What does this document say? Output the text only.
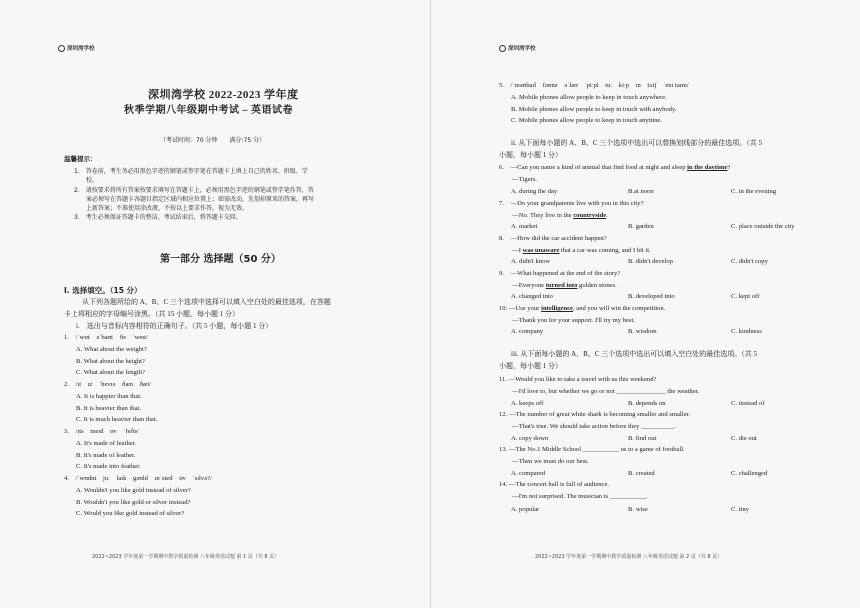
深圳湾学校
深圳湾学校 2022-2023 学年度
秋季学期八年级期中考试 – 英语试卷
（考试时间：70 分钟　　满分:75 分）
温馨提示：
1.　答卷前，考生务必用黑色字迹的钢笔或签字笔在答题卡上填上自己的姓名、班级、学
　　校。
2.　请按要求将所有答案按要求填写在答题卡上，必须用黑色字迹的钢笔或签字笔作答，答
　　案必须写在答题卡各题目指定区域内相应位置上；如需改动，先划掉原来的答案，再写
　　上新答案；不准使用涂改液，不按以上要求作答，视为无效。
3.　考生必须保证答题卡的整洁，考试结束后，将答题卡交回。
第一部分 选择题（50 分）
I. 选择填空。（15 分）
从下列各题所给的 A、B、C 三个选项中选择可以填入空白处的最佳选项，在答题
卡上将相应的字母编号涂黑。（共 15 小题，每小题 1 分）
i.　选出与音标内容相符的正确句子。（共 5 小题，每小题 1 分）
1.　/ˈwɒt　əˈbaʊt　ðə　ˈweɪt/
A. What about the weight?
B. What about the height?
C. What about the length?
2.　/ɪt　ɪz　ˈhevɪə　ðæn　ðæt/
A. It is happier than that.
B. It is heavier than that.
C. It is much heavier than that.
3.　/ɪts　meɪd　ɒv　ˈfeðə/
A. It's made of feather.
B. It's made of leather.
C. It's made into feather.
4.　/ˈwʊdnt　juː　laɪk　gəʊld　ɪnˈsted　ɒv　ˈsɪlvə?/
A. Wouldn't you like gold instead of silver?
B. Wouldn't you like gold or silver instead?
C. Would you like gold instead of silver?
2022~2023 学年度第一学期期中教学质量检测 八年级英语试题 第 1 页（共 8 页）
深圳湾学校
5.　/ˈməʊbaɪl　fəʊnz　əˈlaʊ　ˈpiːpl　tuː　kiːp　ɪn　tʌtʃ　ˈenɪ taɪm/
A. Mobile phones allow people to keep in touch anywhere.
B. Mobile phones allow people to keep in touch with anybody.
C. Mobile phones allow people to keep in touch anytime.
ii. 从下面每小题的 A、B、C 三个选项中选出可以替换划线部分的最佳选项。（共 5
小题，每小题 1 分）
6.　—Can you name a kind of animal that find food at night and sleep in the daytime?
　　—Tigers.
A. during the day	B.at noon	C. in the evening
7.　—Do your grandparents live with you in this city?
　　—No. They live in the countryside.
A. market	B. garden	C. place outside the city
8.　—How did the car accident happen?
　　—I was unaware that a car was coming, and I hit it.
A. didn't know	B. didn't develop	C. didn't copy
9.　—What happened at the end of the story?
　　—Everyone turned into golden stones.
A. changed into	B. developed into	C. kept off
10. —Use your intelligence, and you will win the competition.
　　—Thank you for your support. I'll try my best.
A. company	B. wisdom	C. kindness
iii. 从下面每小题的 A、B、C 三个选项中选出可以填入空白处的最佳选项。（共 5
小题，每小题 1 分）
11. —Would you like to take a travel with us this weekend?
　　—I'd love to, but whether we go or not _______________ the weather.
A. keeps off	B. depends on	C. instead of
12. —The number of great white shark is becoming smaller and smaller.
　　—That's true. We should take action before they __________.
A. copy down	B. find out	C. die out
13. —The No.1 Middle School ___________ us to a game of football.
　　—Then we must do our best.
A. compared	B. created	C. challenged
14. —The concert hall is full of audience.
　　—I'm not surprised. The musician is ___________.
A. popular	B. wise	C. tiny
2022~2023 学年度第一学期期中教学质量检测 八年级英语试题 第 2 页（共 8 页）
